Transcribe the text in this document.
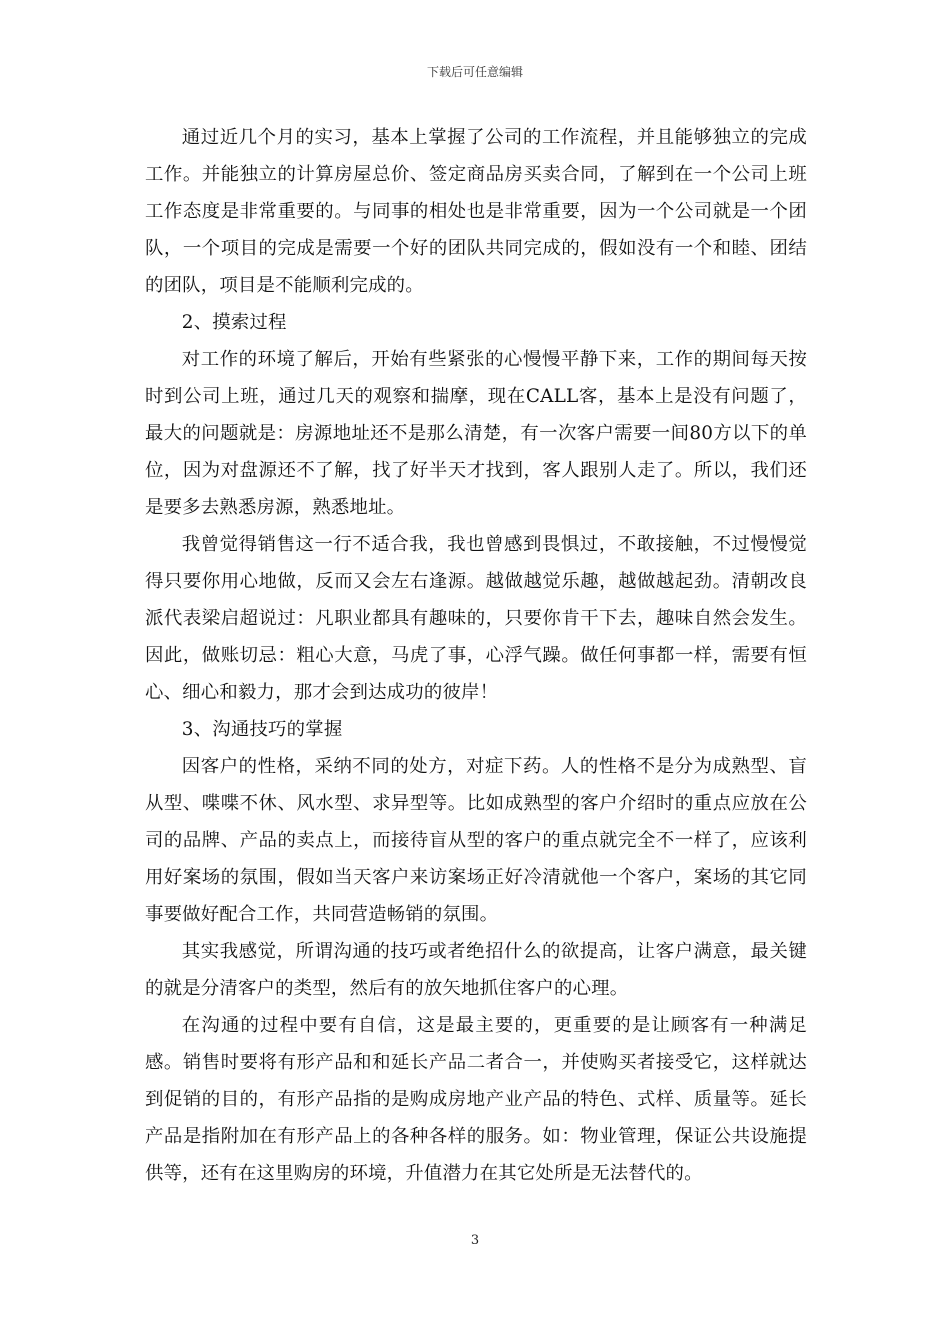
下载后可任意编辑

通过近几个月的实习，基本上掌握了公司的工作流程，并且能够独立的完成工作。并能独立的计算房屋总价、签定商品房买卖合同，了解到在一个公司上班工作态度是非常重要的。与同事的相处也是非常重要，因为一个公司就是一个团队，一个项目的完成是需要一个好的团队共同完成的，假如没有一个和睦、团结的团队，项目是不能顺利完成的。

2、摸索过程

对工作的环境了解后，开始有些紧张的心慢慢平静下来，工作的期间每天按时到公司上班，通过几天的观察和揣摩，现在CALL客，基本上是没有问题了，最大的问题就是：房源地址还不是那么清楚，有一次客户需要一间80方以下的单位，因为对盘源还不了解，找了好半天才找到，客人跟别人走了。所以，我们还是要多去熟悉房源，熟悉地址。

我曾觉得销售这一行不适合我，我也曾感到畏惧过，不敢接触，不过慢慢觉得只要你用心地做，反而又会左右逢源。越做越觉乐趣，越做越起劲。清朝改良派代表梁启超说过：凡职业都具有趣味的，只要你肯干下去，趣味自然会发生。因此，做账切忌：粗心大意，马虎了事，心浮气躁。做任何事都一样，需要有恒心、细心和毅力，那才会到达成功的彼岸！

3、沟通技巧的掌握

因客户的性格，采纳不同的处方，对症下药。人的性格不是分为成熟型、盲从型、喋喋不休、风水型、求异型等。比如成熟型的客户介绍时的重点应放在公司的品牌、产品的卖点上，而接待盲从型的客户的重点就完全不一样了，应该利用好案场的氛围，假如当天客户来访案场正好冷清就他一个客户，案场的其它同事要做好配合工作，共同营造畅销的氛围。

其实我感觉，所谓沟通的技巧或者绝招什么的欲提高，让客户满意，最关键的就是分清客户的类型，然后有的放矢地抓住客户的心理。

在沟通的过程中要有自信，这是最主要的，更重要的是让顾客有一种满足感。销售时要将有形产品和和延长产品二者合一，并使购买者接受它，这样就达到促销的目的，有形产品指的是购成房地产业产品的特色、式样、质量等。延长产品是指附加在有形产品上的各种各样的服务。如：物业管理，保证公共设施提供等，还有在这里购房的环境，升值潜力在其它处所是无法替代的。

3
